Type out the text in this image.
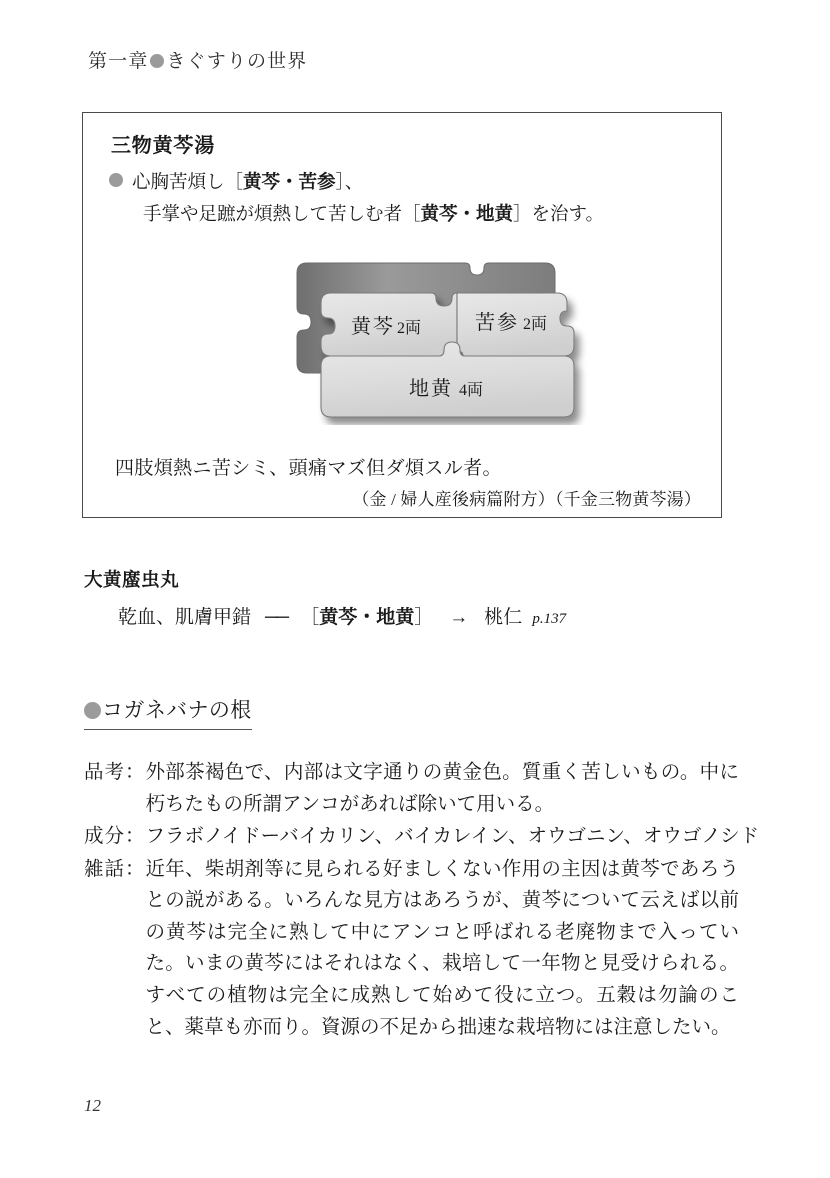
第一章 きぐすりの世界
三物黄芩湯
心胸苦煩し［黄芩・苦参］、
手掌や足蹠が煩熱して苦しむ者［黄芩・地黄］を治す。
黄芩 2両	苦参 2両
地黄 4両
四肢煩熱ニ苦シミ、頭痛マズ但ダ煩スル者。
（金 / 婦人産後病篇附方）（千金三物黄芩湯）
大黄䗪虫丸
乾血、肌膚甲錯 ── ［黄芩・地黄］ → 桃仁 p.137
コガネバナの根
品考： 外部茶褐色で、内部は文字通りの黄金色。質重く苦しいもの。中に朽ちたもの所謂アンコがあれば除いて用いる。
成分： フラボノイドーバイカリン、バイカレイン、オウゴニン、オウゴノシド
雑話： 近年、柴胡剤等に見られる好ましくない作用の主因は黄芩であろうとの説がある。いろんな見方はあろうが、黄芩について云えば以前の黄芩は完全に熟して中にアンコと呼ばれる老廃物まで入っていた。いまの黄芩にはそれはなく、栽培して一年物と見受けられる。すべての植物は完全に成熟して始めて役に立つ。五穀は勿論のこと、薬草も亦而り。資源の不足から拙速な栽培物には注意したい。
12
